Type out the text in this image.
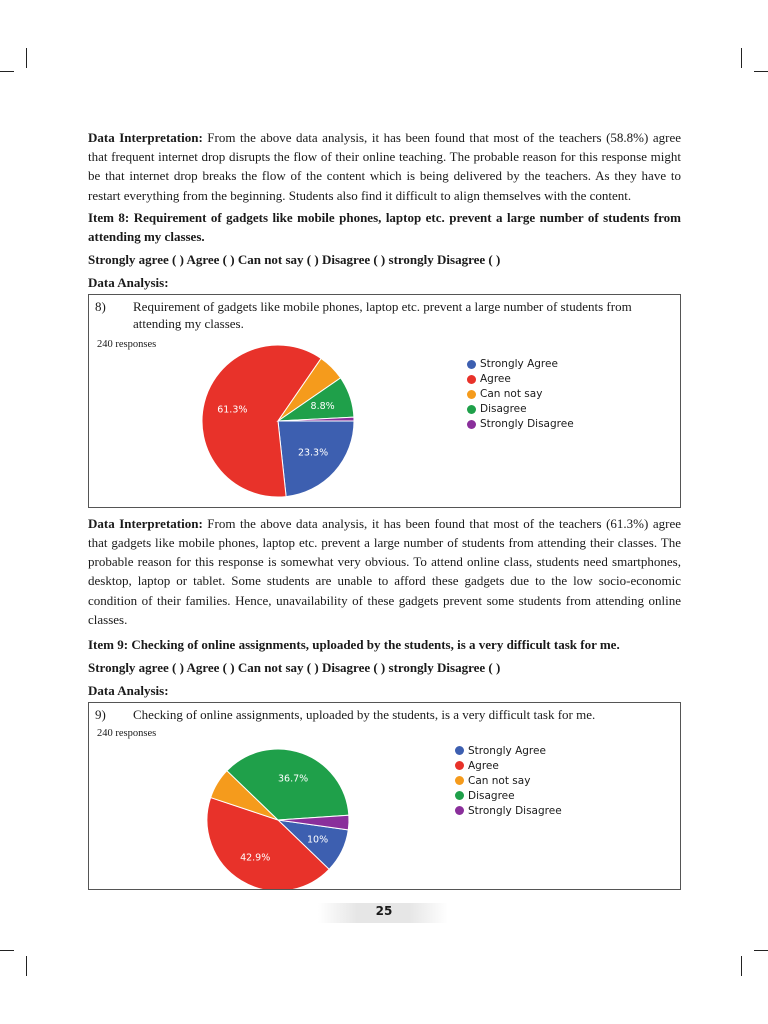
Data Interpretation: From the above data analysis, it has been found that most of the teachers (58.8%) agree that frequent internet drop disrupts the flow of their online teaching. The probable reason for this response might be that internet drop breaks the flow of the content which is being delivered by the teachers. As they have to restart everything from the beginning. Students also find it difficult to align themselves with the content.

Item 8: Requirement of gadgets like mobile phones, laptop etc. prevent a large number of students from attending my classes.

Strongly agree ( ) Agree ( ) Can not say ( ) Disagree ( ) strongly Disagree ( )

Data Analysis:

8)	Requirement of gadgets like mobile phones, laptop etc. prevent a large number of students from attending my classes.
240 responses
23.3%
61.3%	8.8%
Strongly Agree
Agree
Can not say
Disagree
Strongly Disagree

Data Interpretation: From the above data analysis, it has been found that most of the teachers (61.3%) agree that gadgets like mobile phones, laptop etc. prevent a large number of students from attending their classes. The probable reason for this response is somewhat very obvious. To attend online class, students need smartphones, desktop, laptop or tablet. Some students are unable to afford these gadgets due to the low socio-economic condition of their families. Hence, unavailability of these gadgets prevent some students from attending online classes.

Item 9: Checking of online assignments, uploaded by the students, is a very difficult task for me.

Strongly agree ( ) Agree ( ) Can not say ( ) Disagree ( ) strongly Disagree ( )

Data Analysis:

9)	Checking of online assignments, uploaded by the students, is a very difficult task for me.
240 responses
10%
42.9%
36.7%
Strongly Agree
Agree
Can not say
Disagree
Strongly Disagree
25
